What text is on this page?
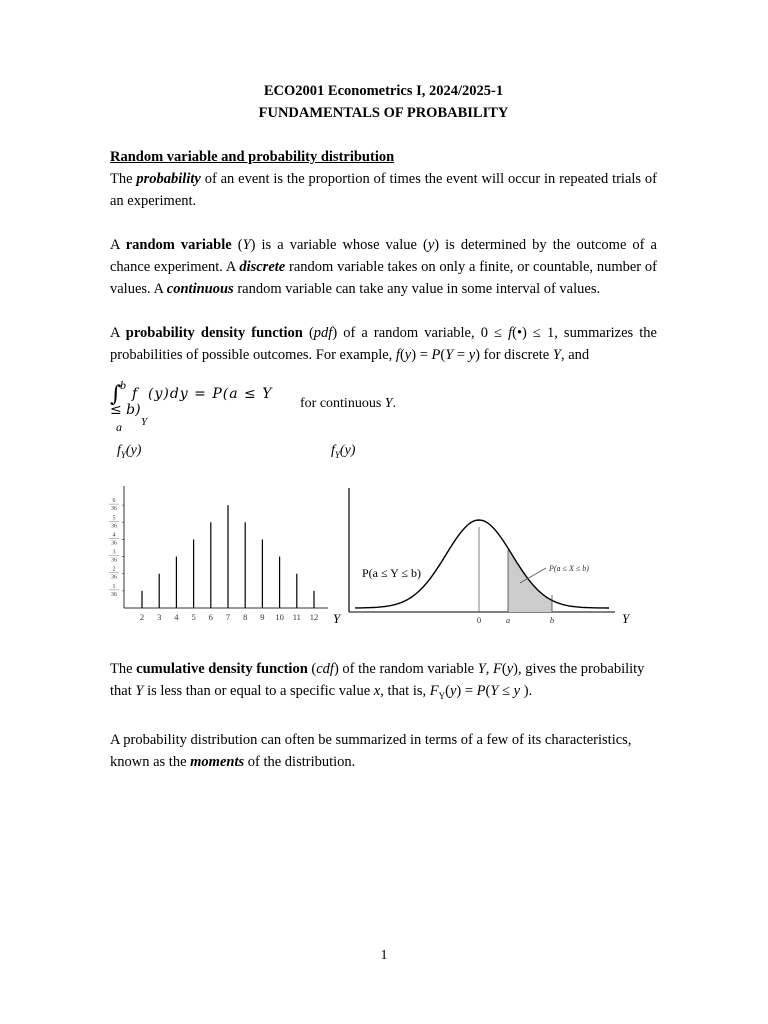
ECO2001 Econometrics I, 2024/2025-1
FUNDAMENTALS OF PROBABILITY
Random variable and probability distribution

The probability of an event is the proportion of times the event will occur in repeated trials of an experiment.

A random variable (Y) is a variable whose value (y) is determined by the outcome of a chance experiment. A discrete random variable takes on only a finite, or countable, number of values. A continuous random variable can take any value in some interval of values.

A probability density function (pdf) of a random variable, 0 ≤ f(•) ≤ 1, summarizes the probabilities of possible outcomes. For example, f(y) = P(Y = y) for discrete Y, and

∫
b
a
f
Y
(y)dy = P(a ≤ Y
≤ b)	for continuous Y.
$f_Y(y)$	$f_Y(y)$
2 3 4 5 6 7 8 9 10 11 12
1
36
2
36
3
36
4
36
5
36
6
36
Y	Y
P(a ≤ Y ≤ b)	P(a ≤ X ≤ b)
0	a	b

The cumulative density function (cdf) of the random variable Y, F(y), gives the probability that Y is less than or equal to a specific value x, that is, $F_Y(y) = P(Y \le y$ ).

A probability distribution can often be summarized in terms of a few of its characteristics, known as the moments of the distribution.

1
